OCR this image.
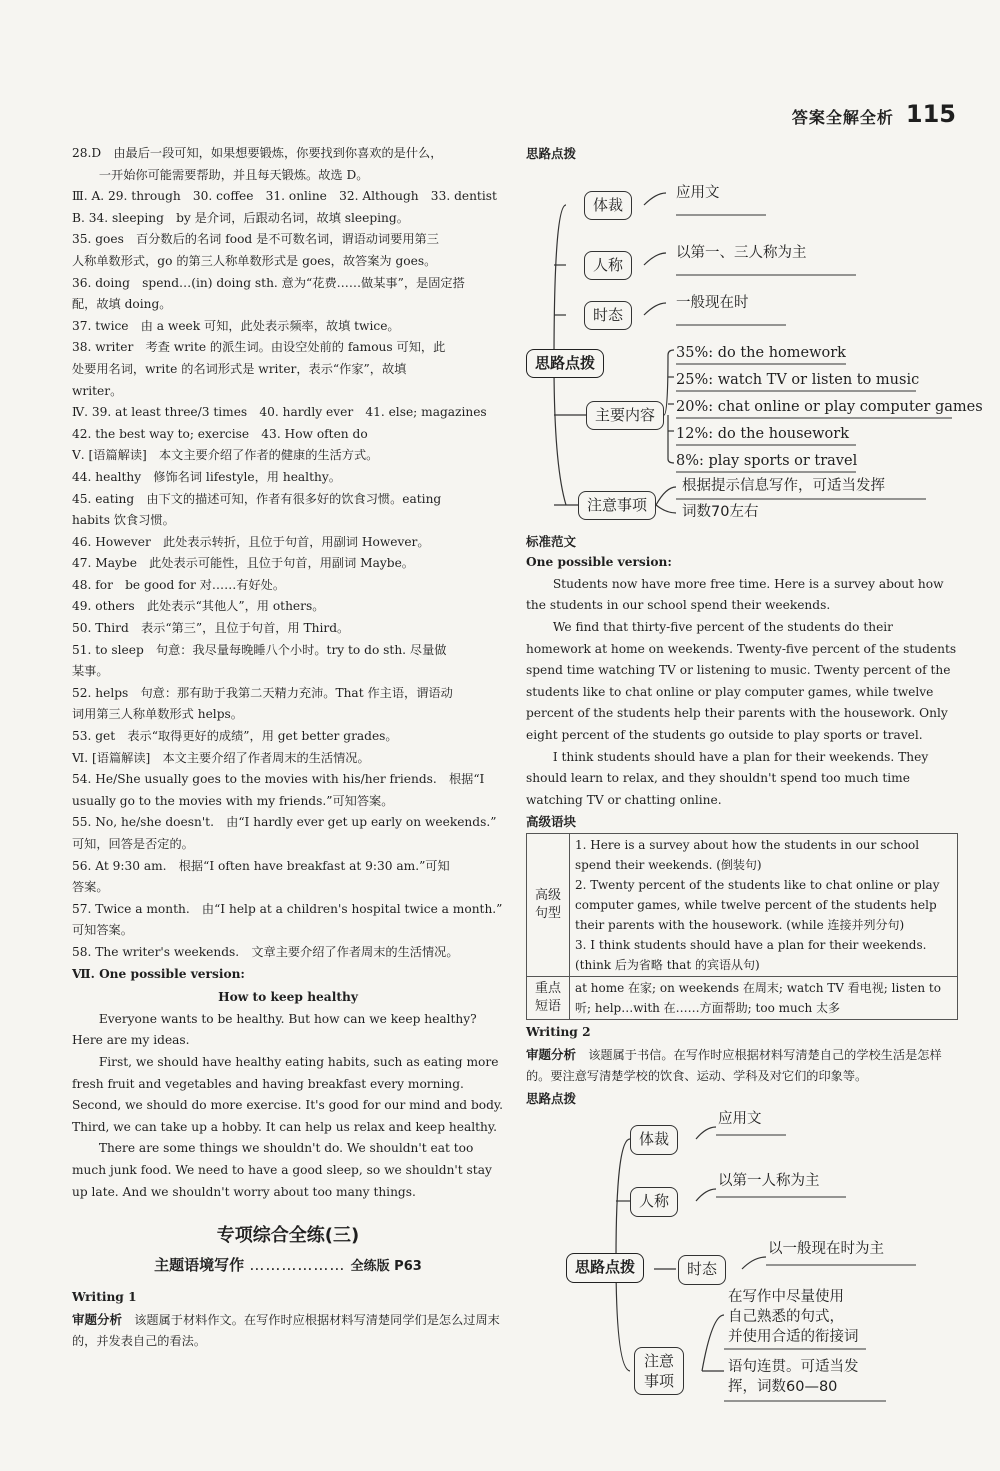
答案全解全析 115

28.D　由最后一段可知，如果想要锻炼，你要找到你喜欢的是什么，

一开始你可能需要帮助，并且每天锻炼。故选 D。

Ⅲ. A. 29. through　30. coffee　31. online　32. Although　33. dentist

B. 34. sleeping　by 是介词，后跟动名词，故填 sleeping。

35. goes　百分数后的名词 food 是不可数名词，谓语动词要用第三

人称单数形式，go 的第三人称单数形式是 goes，故答案为 goes。

36. doing　spend…(in) doing sth. 意为“花费……做某事”，是固定搭

配，故填 doing。

37. twice　由 a week 可知，此处表示频率，故填 twice。

38. writer　考查 write 的派生词。由设空处前的 famous 可知，此

处要用名词，write 的名词形式是 writer，表示“作家”，故填

writer。

Ⅳ. 39. at least three/3 times　40. hardly ever　41. else; magazines

42. the best way to; exercise　43. How often do

Ⅴ. [语篇解读]　本文主要介绍了作者的健康的生活方式。

44. healthy　修饰名词 lifestyle，用 healthy。

45. eating　由下文的描述可知，作者有很多好的饮食习惯。eating

habits 饮食习惯。

46. However　此处表示转折，且位于句首，用副词 However。

47. Maybe　此处表示可能性，且位于句首，用副词 Maybe。

48. for　be good for 对……有好处。

49. others　此处表示“其他人”，用 others。

50. Third　表示“第三”，且位于句首，用 Third。

51. to sleep　句意：我尽量每晚睡八个小时。try to do sth. 尽量做

某事。

52. helps　句意：那有助于我第二天精力充沛。That 作主语，谓语动

词用第三人称单数形式 helps。

53. get　表示“取得更好的成绩”，用 get better grades。

Ⅵ. [语篇解读]　本文主要介绍了作者周末的生活情况。

54. He/She usually goes to the movies with his/her friends.　根据“I

usually go to the movies with my friends.”可知答案。

55. No, he/she doesn't.　由“I hardly ever get up early on weekends.”

可知，回答是否定的。

56. At 9:30 am.　根据“I often have breakfast at 9:30 am.”可知

答案。

57. Twice a month.　由“I help at a children's hospital twice a month.”

可知答案。

58. The writer's weekends.　文章主要介绍了作者周末的生活情况。

Ⅶ. One possible version:

How to keep healthy

Everyone wants to be healthy. But how can we keep healthy? Here are my ideas.

First, we should have healthy eating habits, such as eating more fresh fruit and vegetables and having breakfast every morning. Second, we should do more exercise. It's good for our mind and body. Third, we can take up a hobby. It can help us relax and keep healthy.

There are some things we shouldn't do. We shouldn't eat too much junk food. We need to have a good sleep, so we shouldn't stay up late. And we shouldn't worry about too many things.

专项综合全练(三)
主题语境写作 ……………… 全练版 P63

Writing 1

审题分析　 该题属于材料作文。在写作时应根据材料写清楚同学们是怎么过周末的，并发表自己的看法。

思路点拨

思路点拨
体裁
应用文
人称
以第一、三人称为主
时态
一般现在时
主要内容
35%: do the homework
25%: watch TV or listen to music
20%: chat online or play computer games
12%: do the housework
8%: play sports or travel
注意事项
根据提示信息写作，可适当发挥
词数70左右

标准范文

One possible version:

Students now have more free time. Here is a survey about how the students in our school spend their weekends.

We find that thirty-five percent of the students do their homework at home on weekends. Twenty-five percent of the students spend time watching TV or listening to music. Twenty percent of the students like to chat online or play computer games, while twelve percent of the students help their parents with the housework. Only eight percent of the students go outside to play sports or travel.

I think students should have a plan for their weekends. They should learn to relax, and they shouldn't spend too much time watching TV or chatting online.

高级语块

高级句型	1. Here is a survey about how the students in our school spend their weekends. (倒装句)
2. Twenty percent of the students like to chat online or play computer games, while twelve percent of the students help their parents with the housework. (while 连接并列分句)
3. I think students should have a plan for their weekends. (think 后为省略 that 的宾语从句)

重点短语	at home 在家; on weekends 在周末; watch TV 看电视; listen to 听; help…with 在……方面帮助; too much 太多

Writing 2

审题分析　 该题属于书信。在写作时应根据材料写清楚自己的学校生活是怎样的。要注意写清楚学校的饮食、运动、学科及对它们的印象等。

思路点拨

思路点拨
体裁
应用文
人称
以第一人称为主
时态
以一般现在时为主
注意事项
在写作中尽量使用
自己熟悉的句式，
并使用合适的衔接词
语句连贯。可适当发
挥，词数60—80
